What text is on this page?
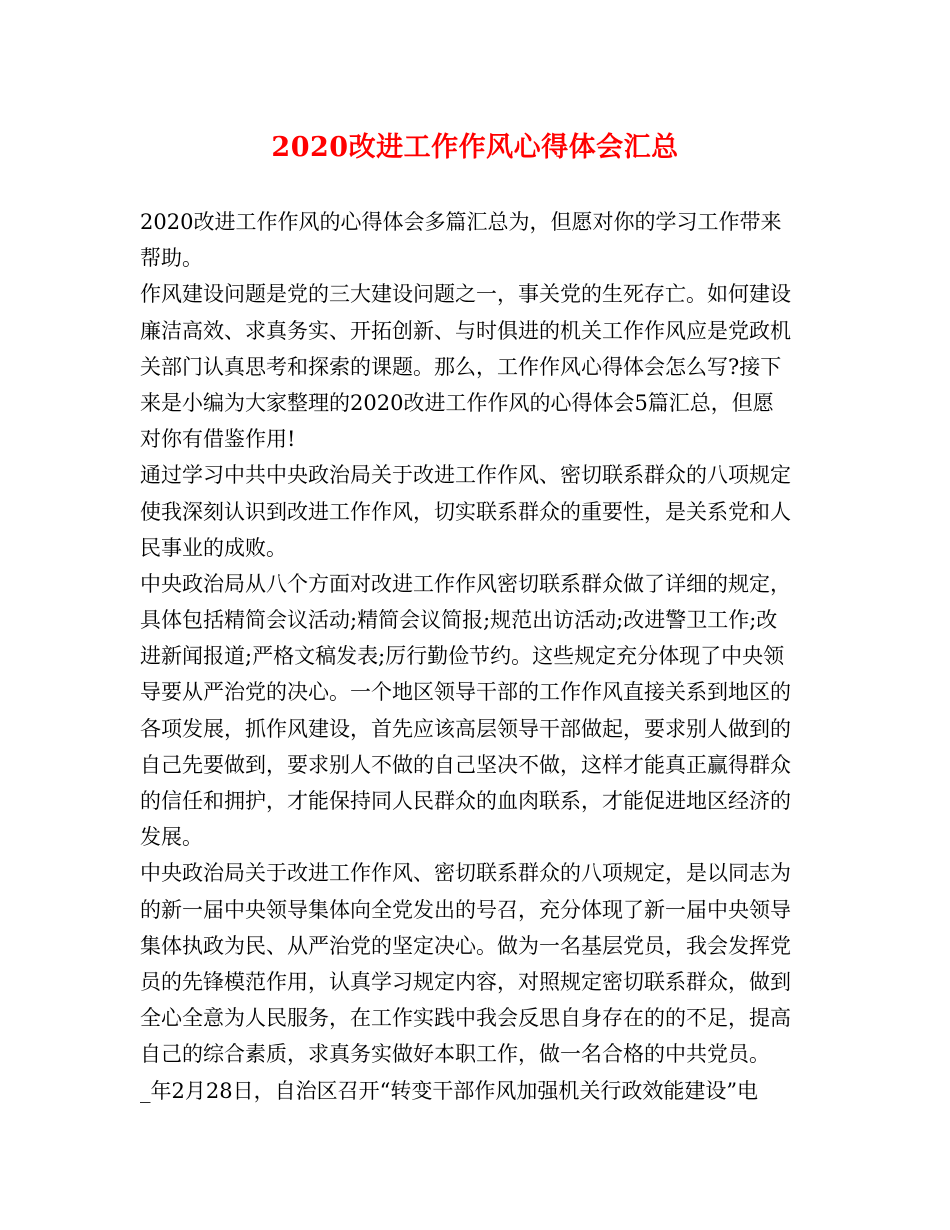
2020改进工作作风心得体会汇总
2020改进工作作风的心得体会多篇汇总为，但愿对你的学习工作带来
帮助。
作风建设问题是党的三大建设问题之一，事关党的生死存亡。如何建设
廉洁高效、求真务实、开拓创新、与时俱进的机关工作作风应是党政机
关部门认真思考和探索的课题。那么，工作作风心得体会怎么写?接下
来是小编为大家整理的2020改进工作作风的心得体会5篇汇总，但愿
对你有借鉴作用!
通过学习中共中央政治局关于改进工作作风、密切联系群众的八项规定
使我深刻认识到改进工作作风，切实联系群众的重要性，是关系党和人
民事业的成败。
中央政治局从八个方面对改进工作作风密切联系群众做了详细的规定，
具体包括精简会议活动;精简会议简报;规范出访活动;改进警卫工作;改
进新闻报道;严格文稿发表;厉行勤俭节约。这些规定充分体现了中央领
导要从严治党的决心。一个地区领导干部的工作作风直接关系到地区的
各项发展，抓作风建设，首先应该高层领导干部做起，要求别人做到的
自己先要做到，要求别人不做的自己坚决不做，这样才能真正赢得群众
的信任和拥护，才能保持同人民群众的血肉联系，才能促进地区经济的
发展。
中央政治局关于改进工作作风、密切联系群众的八项规定，是以同志为
的新一届中央领导集体向全党发出的号召，充分体现了新一届中央领导
集体执政为民、从严治党的坚定决心。做为一名基层党员，我会发挥党
员的先锋模范作用，认真学习规定内容，对照规定密切联系群众，做到
全心全意为人民服务，在工作实践中我会反思自身存在的的不足，提高
自己的综合素质，求真务实做好本职工作，做一名合格的中共党员。
_年2月28日，自治区召开“转变干部作风加强机关行政效能建设”电
